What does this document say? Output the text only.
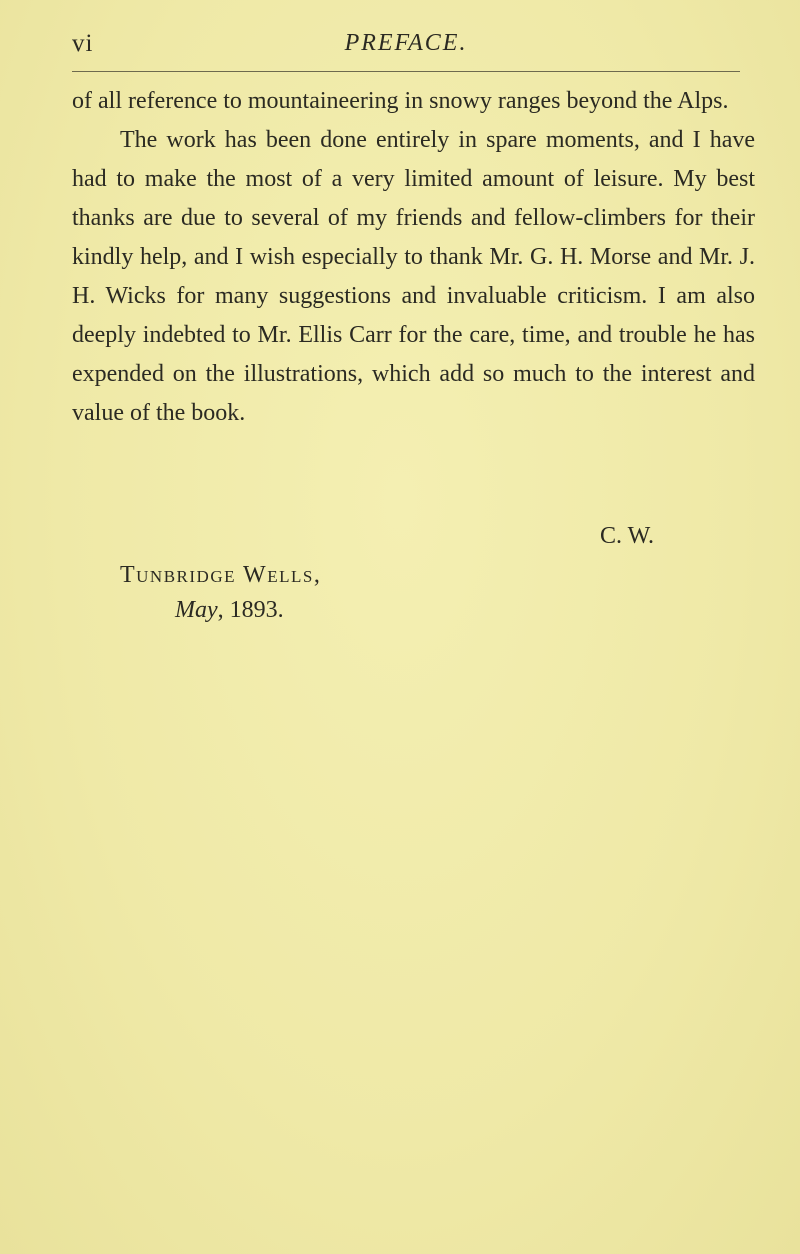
vi	PREFACE.

of all reference to mountaineering in snowy ranges beyond the Alps.

The work has been done entirely in spare moments, and I have had to make the most of a very limited amount of leisure. My best thanks are due to several of my friends and fellow-climbers for their kindly help, and I wish especially to thank Mr. G. H. Morse and Mr. J. H. Wicks for many suggestions and invaluable criticism. I am also deeply indebted to Mr. Ellis Carr for the care, time, and trouble he has expended on the illustrations, which add so much to the interest and value of the book.

C. W.
Tunbridge Wells,
May, 1893.
